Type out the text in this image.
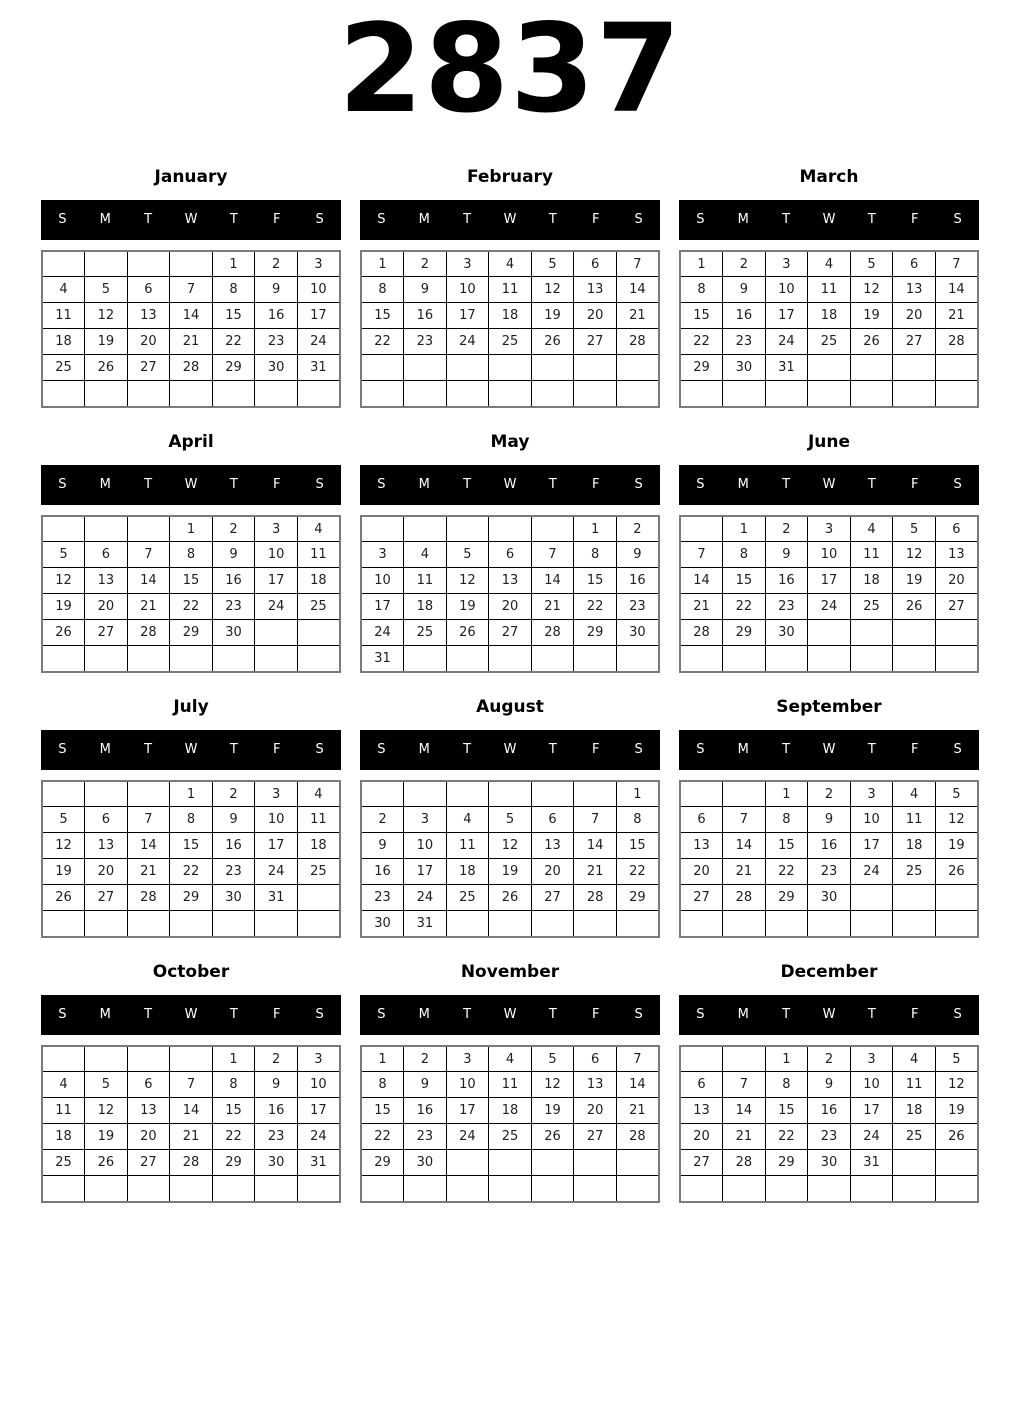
2837
January
S	M	T	W	T	F	S
				1	2	3
4	5	6	7	8	9	10
11	12	13	14	15	16	17
18	19	20	21	22	23	24
25	26	27	28	29	30	31

February
S	M	T	W	T	F	S
1	2	3	4	5	6	7
8	9	10	11	12	13	14
15	16	17	18	19	20	21
22	23	24	25	26	27	28

March
S	M	T	W	T	F	S
1	2	3	4	5	6	7
8	9	10	11	12	13	14
15	16	17	18	19	20	21
22	23	24	25	26	27	28
29	30	31				

April
S	M	T	W	T	F	S
			1	2	3	4
5	6	7	8	9	10	11
12	13	14	15	16	17	18
19	20	21	22	23	24	25
26	27	28	29	30		

May
S	M	T	W	T	F	S
					1	2
3	4	5	6	7	8	9
10	11	12	13	14	15	16
17	18	19	20	21	22	23
24	25	26	27	28	29	30
31						
June
S	M	T	W	T	F	S
	1	2	3	4	5	6
7	8	9	10	11	12	13
14	15	16	17	18	19	20
21	22	23	24	25	26	27
28	29	30				

July
S	M	T	W	T	F	S
			1	2	3	4
5	6	7	8	9	10	11
12	13	14	15	16	17	18
19	20	21	22	23	24	25
26	27	28	29	30	31	

August
S	M	T	W	T	F	S
						1
2	3	4	5	6	7	8
9	10	11	12	13	14	15
16	17	18	19	20	21	22
23	24	25	26	27	28	29
30	31					
September
S	M	T	W	T	F	S
		1	2	3	4	5
6	7	8	9	10	11	12
13	14	15	16	17	18	19
20	21	22	23	24	25	26
27	28	29	30			

October
S	M	T	W	T	F	S
				1	2	3
4	5	6	7	8	9	10
11	12	13	14	15	16	17
18	19	20	21	22	23	24
25	26	27	28	29	30	31

November
S	M	T	W	T	F	S
1	2	3	4	5	6	7
8	9	10	11	12	13	14
15	16	17	18	19	20	21
22	23	24	25	26	27	28
29	30					

December
S	M	T	W	T	F	S
		1	2	3	4	5
6	7	8	9	10	11	12
13	14	15	16	17	18	19
20	21	22	23	24	25	26
27	28	29	30	31		
